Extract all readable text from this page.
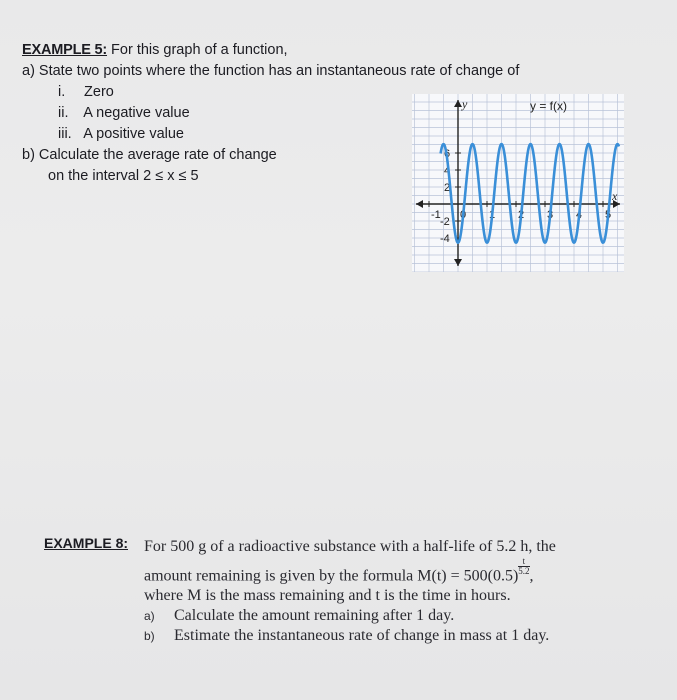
EXAMPLE 5: For this graph of a function,
a) State two points where the function has an instantaneous rate of change of
i. Zero
ii. A negative value
iii. A positive value
b) Calculate the average rate of change
on the interval 2 ≤ x ≤ 5
-1 0 1 2 3 4 5
6
4
2
-2
-4
y = f(x)
y
x
EXAMPLE 8: For 500 g of a radioactive substance with a half-life of 5.2 h, the
amount remaining is given by the formula $M(t) = 500(0.5) \frac{t}{5.2}$ ,
where M is the mass remaining and t is the time in hours.
a) Calculate the amount remaining after 1 day.
b) Estimate the instantaneous rate of change in mass at 1 day.
